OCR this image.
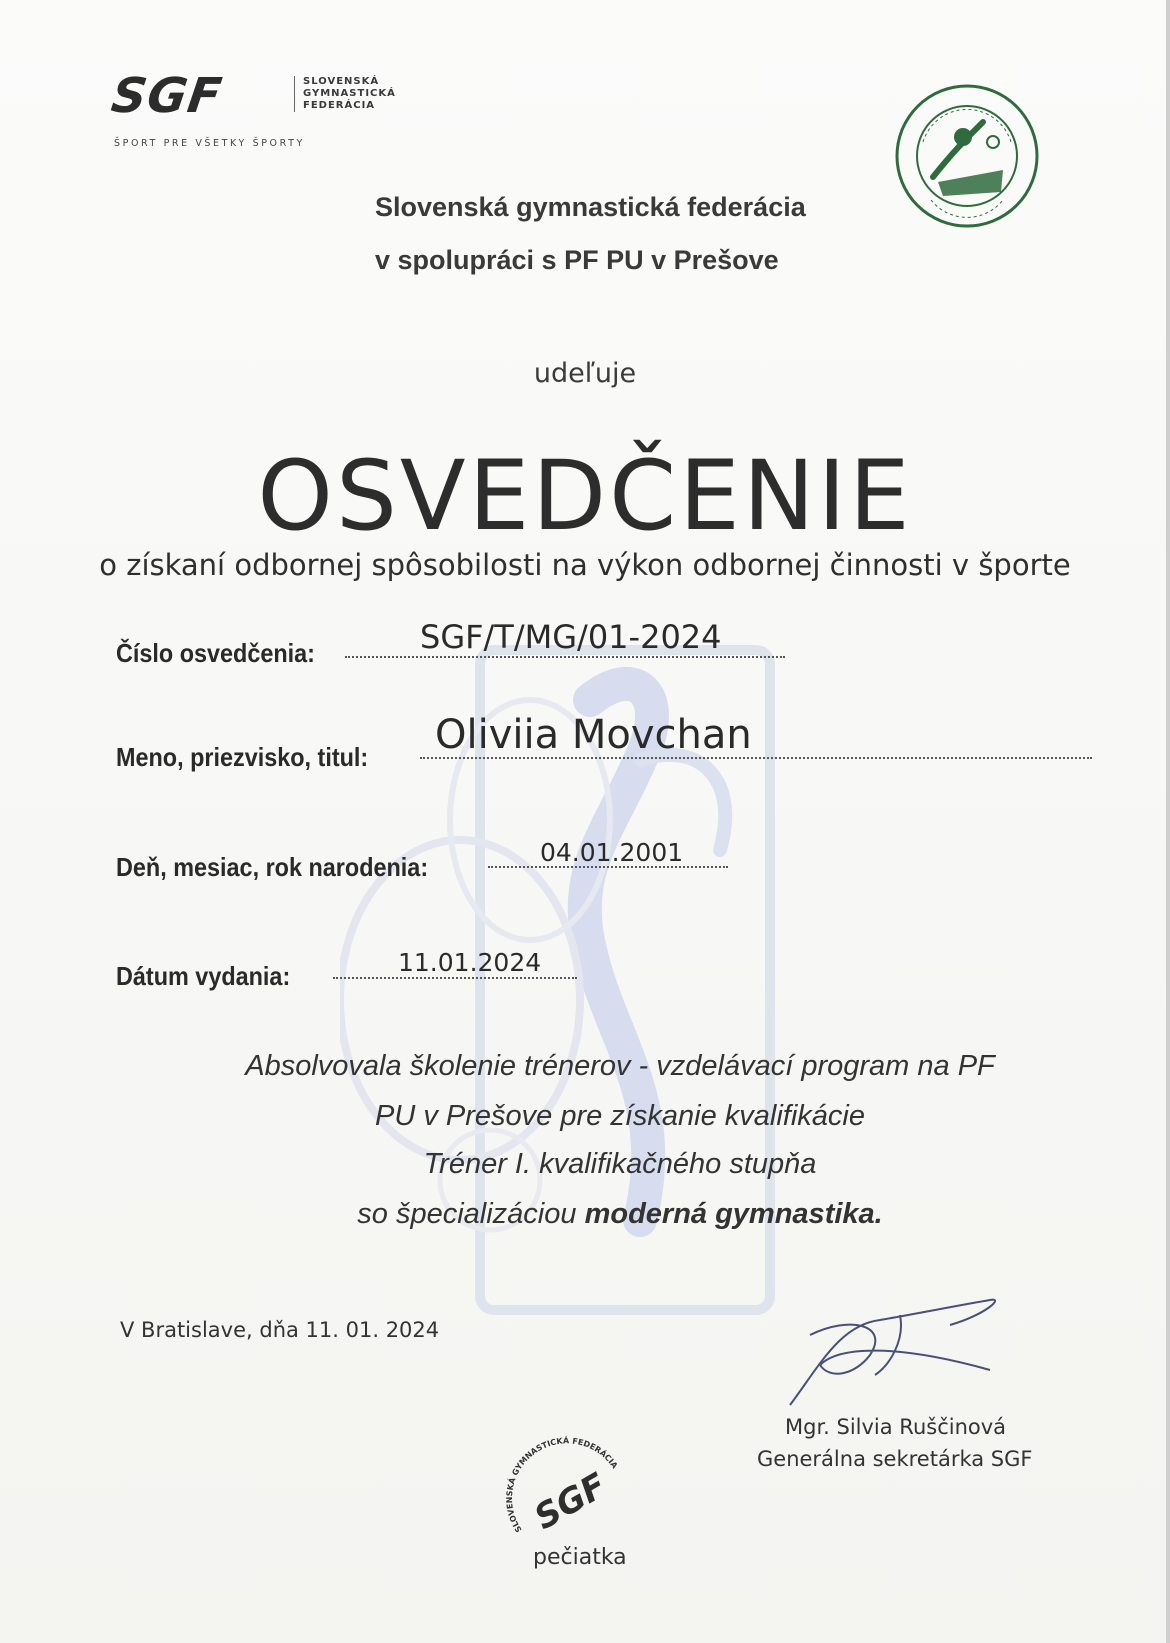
SGF	SLOVENSKÁ
GYMNASTICKÁ
FEDERÁCIA
ŠPORT PRE VŠETKY ŠPORTY
Slovenská gymnastická federácia
v spolupráci s PF PU v Prešove
udeľuje
OSVEDČENIE
o získaní odbornej spôsobilosti na výkon odbornej činnosti v športe
Číslo osvedčenia:	SGF/T/MG/01-2024
Meno, priezvisko, titul: Oliviia Movchan
Deň, mesiac, rok narodenia:	04.01.2001
Dátum vydania:	11.01.2024
Absolvovala školenie trénerov - vzdelávací program na PF
PU v Prešove pre získanie kvalifikácie
Tréner I. kvalifikačného stupňa
so špecializáciou moderná gymnastika.
V Bratislave, dňa 11. 01. 2024
Mgr. Silvia Ruščinová
Generálna sekretárka SGF
SLOVENSKÁ GYMNASTICKÁ FEDERÁCIA
SGF
pečiatka
